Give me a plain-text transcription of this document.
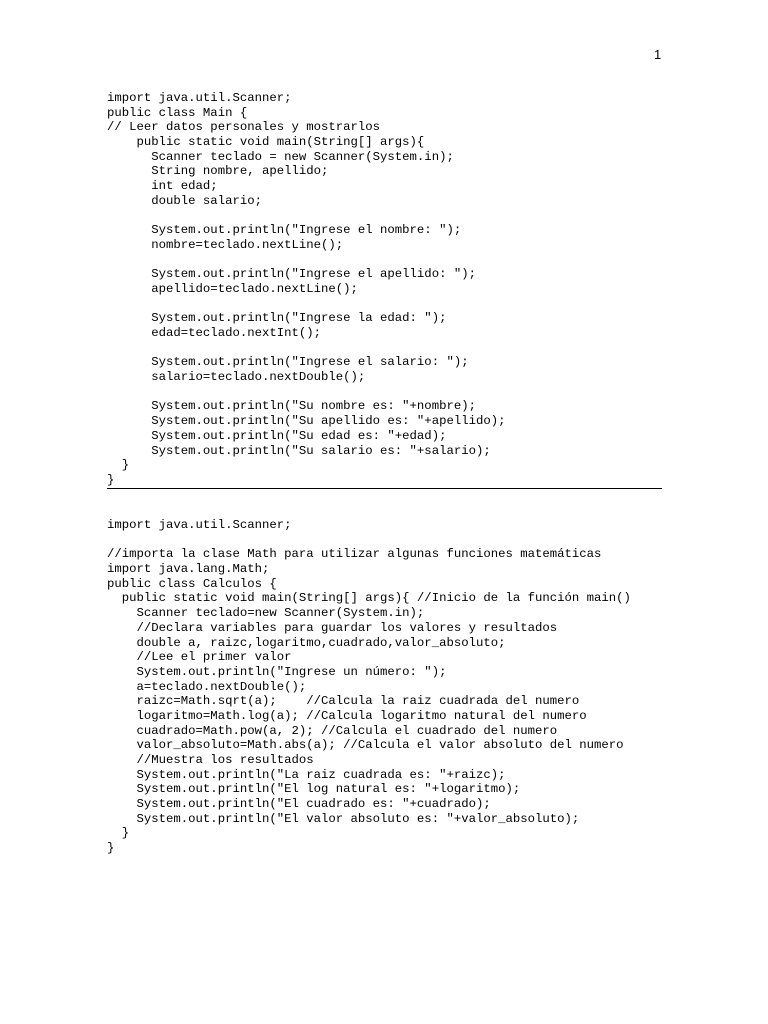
1
import java.util.Scanner;
public class Main {
// Leer datos personales y mostrarlos
public static void main(String[] args){
Scanner teclado = new Scanner(System.in);
String nombre, apellido;
int edad;
double salario;
System.out.println("Ingrese el nombre: ");
nombre=teclado.nextLine();
System.out.println("Ingrese el apellido: ");
apellido=teclado.nextLine();
System.out.println("Ingrese la edad: ");
edad=teclado.nextInt();
System.out.println("Ingrese el salario: ");
salario=teclado.nextDouble();
System.out.println("Su nombre es: "+nombre);
System.out.println("Su apellido es: "+apellido);
System.out.println("Su edad es: "+edad);
System.out.println("Su salario es: "+salario);
}
}
import java.util.Scanner;
//importa la clase Math para utilizar algunas funciones matemáticas
import java.lang.Math;
public class Calculos {
public static void main(String[] args){ //Inicio de la función main()
Scanner teclado=new Scanner(System.in);
//Declara variables para guardar los valores y resultados
double a, raizc,logaritmo,cuadrado,valor_absoluto;
//Lee el primer valor
System.out.println("Ingrese un número: ");
a=teclado.nextDouble();
raizc=Math.sqrt(a);    //Calcula la raiz cuadrada del numero
logaritmo=Math.log(a); //Calcula logaritmo natural del numero
cuadrado=Math.pow(a, 2); //Calcula el cuadrado del numero
valor_absoluto=Math.abs(a); //Calcula el valor absoluto del numero
//Muestra los resultados
System.out.println("La raiz cuadrada es: "+raizc);
System.out.println("El log natural es: "+logaritmo);
System.out.println("El cuadrado es: "+cuadrado);
System.out.println("El valor absoluto es: "+valor_absoluto);
}
}
